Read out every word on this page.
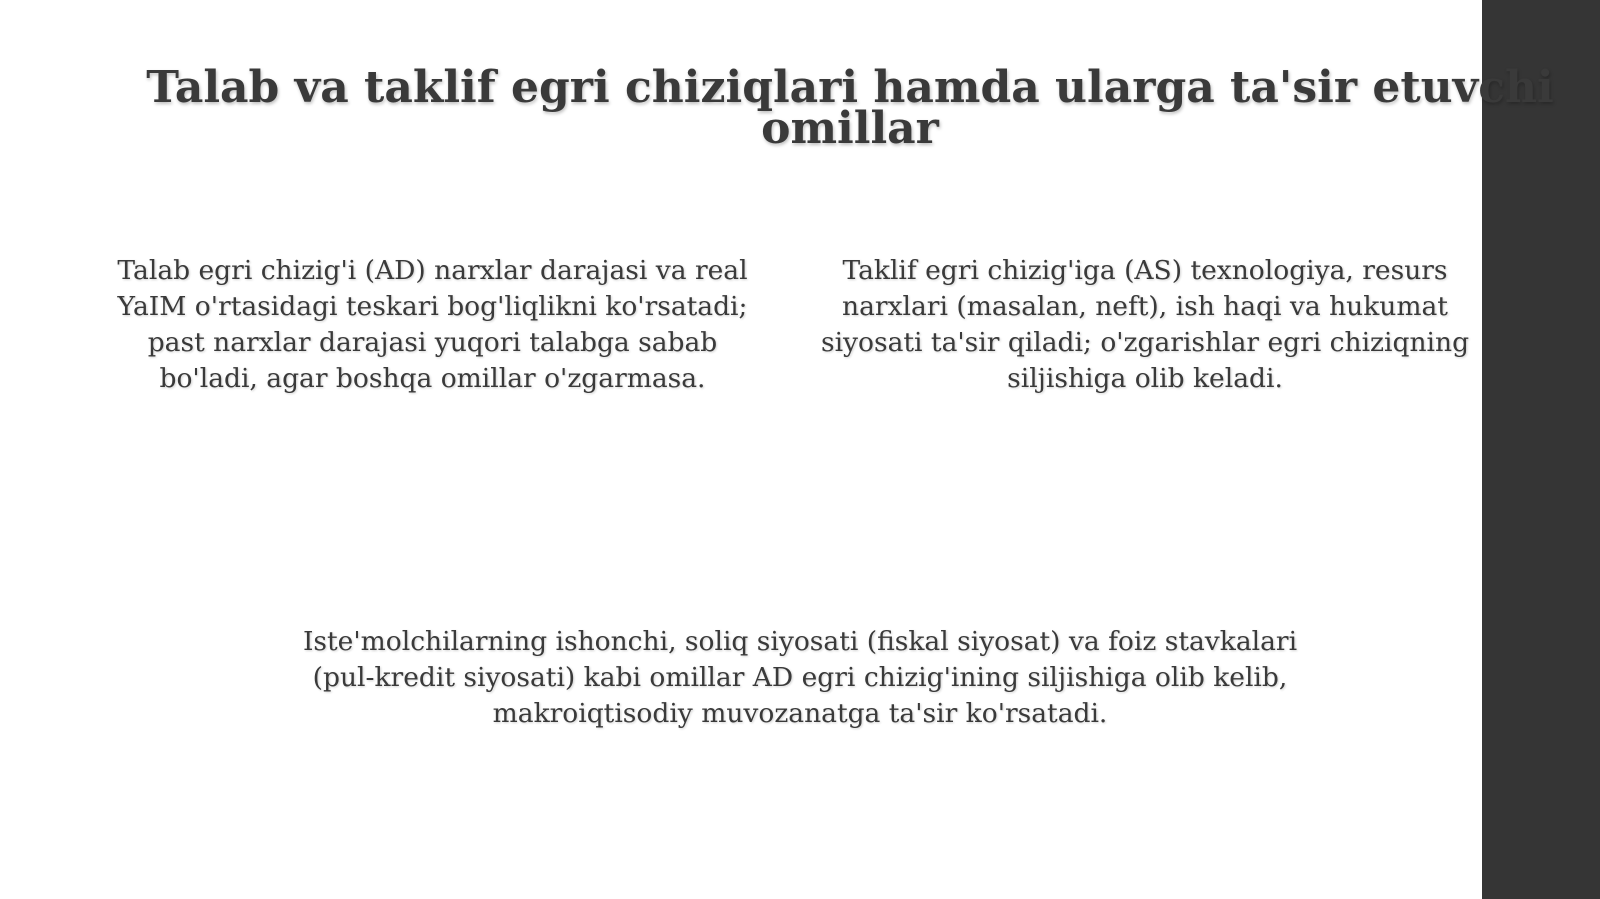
Talab va taklif egri chiziqlari hamda ularga ta'sir etuvchi omillar

Talab egri chizig'i (AD) narxlar darajasi va real YaIM o'rtasidagi teskari bog'liqlikni ko'rsatadi; past narxlar darajasi yuqori talabga sabab bo'ladi, agar boshqa omillar o'zgarmasa.

Taklif egri chizig'iga (AS) texnologiya, resurs narxlari (masalan, neft), ish haqi va hukumat siyosati ta'sir qiladi; o'zgarishlar egri chiziqning siljishiga olib keladi.

Iste'molchilarning ishonchi, soliq siyosati (fiskal siyosat) va foiz stavkalari (pul-kredit siyosati) kabi omillar AD egri chizig'ining siljishiga olib kelib, makroiqtisodiy muvozanatga ta'sir ko'rsatadi.
